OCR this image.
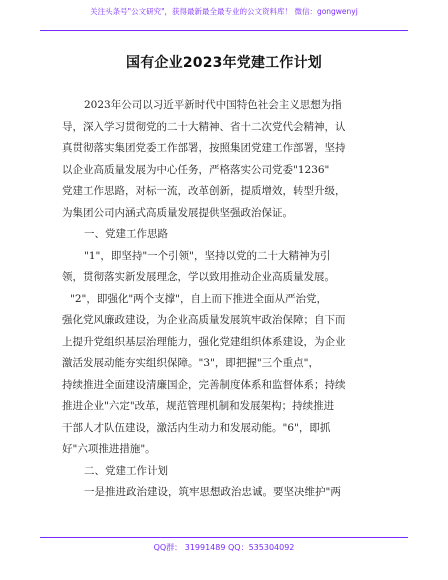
关注头条号"公文研究"，获得最新最全最专业的公文资料库！ 微信：gongwenyj
国有企业2023年党建工作计划
2023年公司以习近平新时代中国特色社会主义思想为指
导，深入学习贯彻党的二十大精神、省十二次党代会精神，认
真贯彻落实集团党委工作部署，按照集团党建工作部署，坚持
以企业高质量发展为中心任务，严格落实公司党委"1236"
党建工作思路，对标一流，改革创新，提质增效，转型升级，
为集团公司内涵式高质量发展提供坚强政治保证。
一、党建工作思路
"1"，即坚持"一个引领"，坚持以党的二十大精神为引
领，贯彻落实新发展理念，学以致用推动企业高质量发展。
"2"，即强化"两个支撑"，自上而下推进全面从严治党，
强化党风廉政建设，为企业高质量发展筑牢政治保障；自下而
上提升党组织基层治理能力，强化党建组织体系建设，为企业
激活发展动能夯实组织保障。"3"，即把握"三个重点"，
持续推进全面建设清廉国企，完善制度体系和监督体系；持续
推进企业"六定"改革，规范管理机制和发展架构；持续推进
干部人才队伍建设，激活内生动力和发展动能。"6"，即抓
好"六项推进措施"。
二、党建工作计划
一是推进政治建设，筑牢思想政治忠诚。要坚决维护"两
QQ群： 31991489 QQ：535304092
